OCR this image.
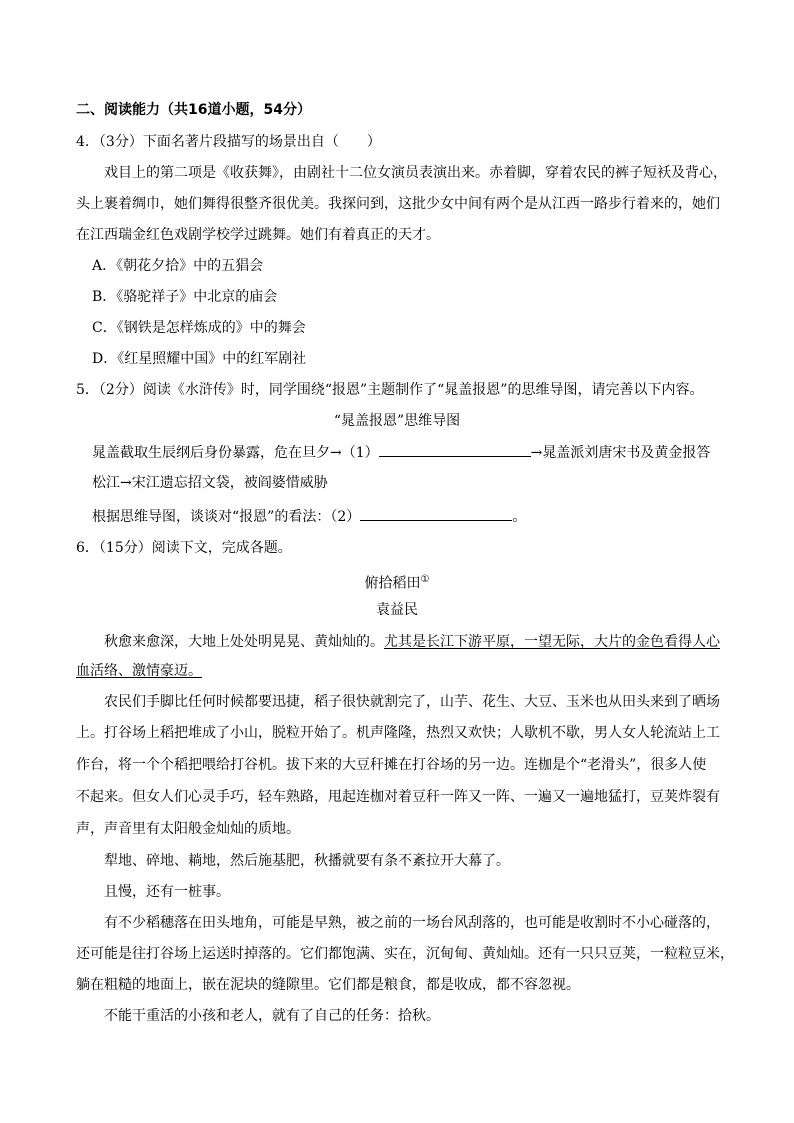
二、阅读能力（共16道小题，54分）
4．（3分）下面名著片段描写的场景出自（　　）
戏目上的第二项是《收获舞》，由剧社十二位女演员表演出来。赤着脚，穿着农民的裤子短袄及背心，
头上裹着绸巾，她们舞得很整齐很优美。我探问到，这批少女中间有两个是从江西一路步行着来的，她们
在江西瑞金红色戏剧学校学过跳舞。她们有着真正的天才。
A．《朝花夕拾》中的五猖会
B．《骆驼祥子》中北京的庙会
C．《钢铁是怎样炼成的》中的舞会
D．《红星照耀中国》中的红军剧社
5．（2分）阅读《水浒传》时，同学围绕“报恩”主题制作了“晁盖报恩”的思维导图，请完善以下内容。
“晁盖报恩”思维导图
晁盖截取生辰纲后身份暴露，危在旦夕→（1）	→晁盖派刘唐宋书及黄金报答
松江→宋江遗忘招文袋，被阎婆惜威胁
根据思维导图，谈谈对“报恩”的看法：（2）	。
6．（15分）阅读下文，完成各题。
俯拾稻田①
袁益民
秋愈来愈深，大地上处处明晃晃、黄灿灿的。尤其是长江下游平原，一望无际，大片的金色看得人心
血活络、激情豪迈。
农民们手脚比任何时候都要迅捷，稻子很快就割完了，山芋、花生、大豆、玉米也从田头来到了晒场
上。打谷场上稻把堆成了小山，脱粒开始了。机声隆隆，热烈又欢快；人歇机不歇，男人女人轮流站上工
作台，将一个个稻把喂给打谷机。拔下来的大豆秆摊在打谷场的另一边。连枷是个“老滑头”，很多人使
不起来。但女人们心灵手巧，轻车熟路，甩起连枷对着豆秆一阵又一阵、一遍又一遍地猛打，豆荚炸裂有
声，声音里有太阳般金灿灿的质地。
犁地、碎地、耥地，然后施基肥，秋播就要有条不紊拉开大幕了。
且慢，还有一桩事。
有不少稻穗落在田头地角，可能是早熟，被之前的一场台风刮落的，也可能是收割时不小心碰落的，
还可能是往打谷场上运送时掉落的。它们都饱满、实在，沉甸甸、黄灿灿。还有一只只豆荚，一粒粒豆米，
躺在粗糙的地面上，嵌在泥块的缝隙里。它们都是粮食，都是收成，都不容忽视。
不能干重活的小孩和老人，就有了自己的任务：拾秋。
